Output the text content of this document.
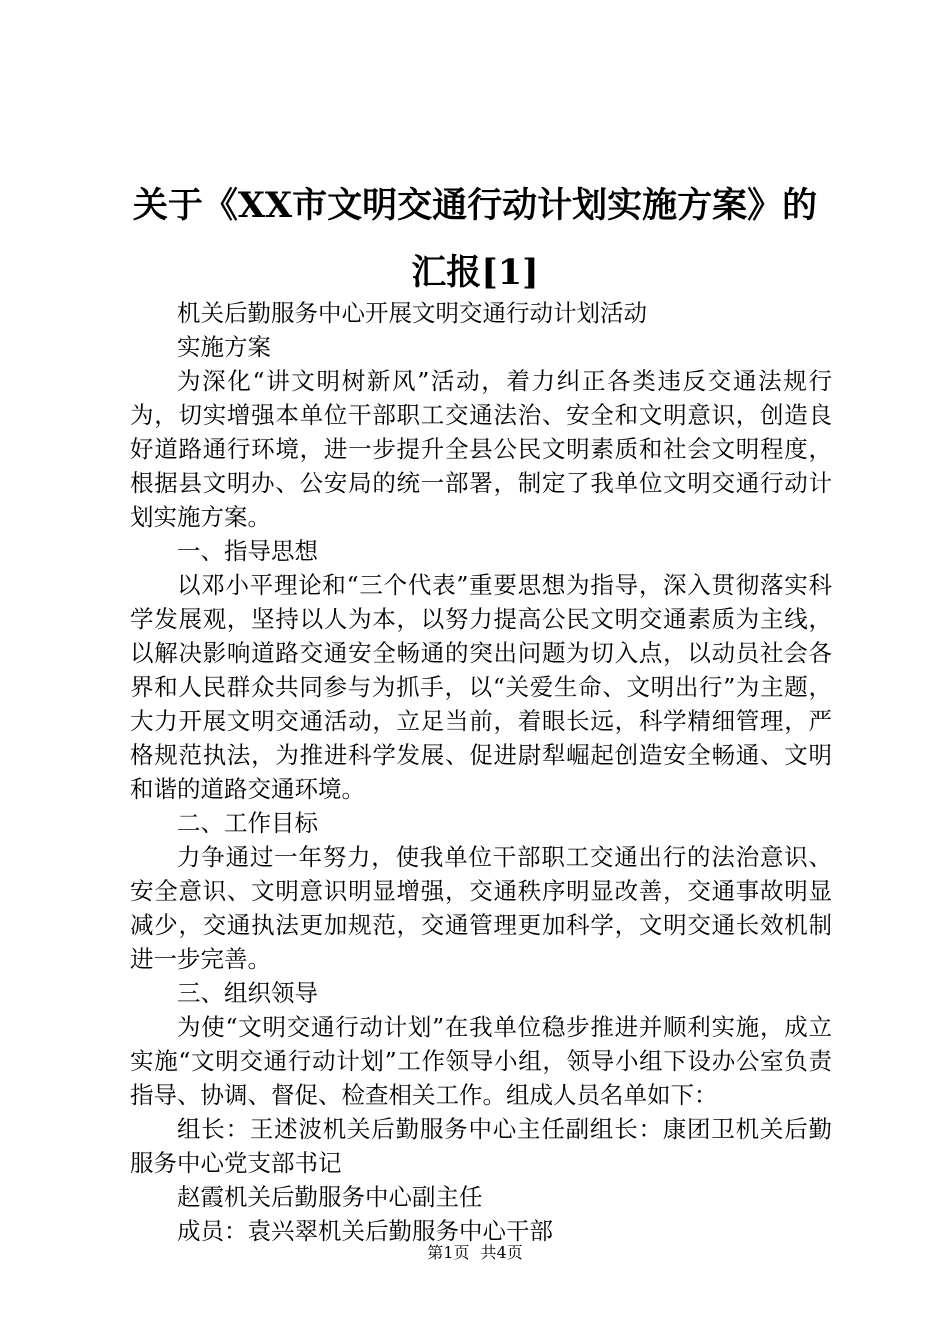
关于《XX市文明交通行动计划实施方案》的
汇报[1]

机关后勤服务中心开展文明交通行动计划活动

实施方案

为深化“讲文明树新风”活动，着力纠正各类违反交通法规行为，切实增强本单位干部职工交通法治、安全和文明意识，创造良好道路通行环境，进一步提升全县公民文明素质和社会文明程度，根据县文明办、公安局的统一部署，制定了我单位文明交通行动计划实施方案。

一、指导思想

以邓小平理论和“三个代表”重要思想为指导，深入贯彻落实科学发展观，坚持以人为本，以努力提高公民文明交通素质为主线，以解决影响道路交通安全畅通的突出问题为切入点，以动员社会各界和人民群众共同参与为抓手，以“关爱生命、文明出行”为主题，大力开展文明交通活动，立足当前，着眼长远，科学精细管理，严格规范执法，为推进科学发展、促进尉犁崛起创造安全畅通、文明和谐的道路交通环境。

二、工作目标

力争通过一年努力，使我单位干部职工交通出行的法治意识、安全意识、文明意识明显增强，交通秩序明显改善，交通事故明显减少，交通执法更加规范，交通管理更加科学，文明交通长效机制进一步完善。

三、组织领导

为使“文明交通行动计划”在我单位稳步推进并顺利实施，成立实施“文明交通行动计划”工作领导小组，领导小组下设办公室负责指导、协调、督促、检查相关工作。组成人员名单如下：

组长：王述波机关后勤服务中心主任副组长：康团卫机关后勤服务中心党支部书记

赵霞机关后勤服务中心副主任

成员：袁兴翠机关后勤服务中心干部

第1页 共4页
